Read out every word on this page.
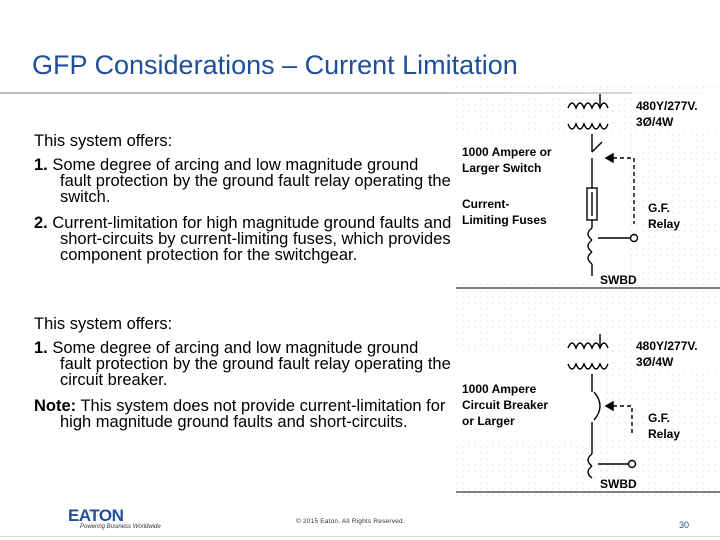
GFP Considerations – Current Limitation

This system offers:

1. Some degree of arcing and low magnitude ground fault protection by the ground fault relay operating the switch.

2. Current-limitation for high magnitude ground faults and short-circuits by current-limiting fuses, which provides component protection for the switchgear.

This system offers:

1. Some degree of arcing and low magnitude ground fault protection by the ground fault relay operating the circuit breaker.

Note: This system does not provide current-limitation for high magnitude ground faults and short-circuits.

480Y/277V.
3Ø/4W
1000 Ampere or
Larger Switch
Current-
Limiting Fuses
G.F.
Relay
SWBD
480Y/277V.
3Ø/4W
1000 Ampere
Circuit Breaker
or Larger	G.F.
Relay
SWBD
EATON
Powering Business Worldwide
© 2015 Eaton. All Rights Reserved.	30
